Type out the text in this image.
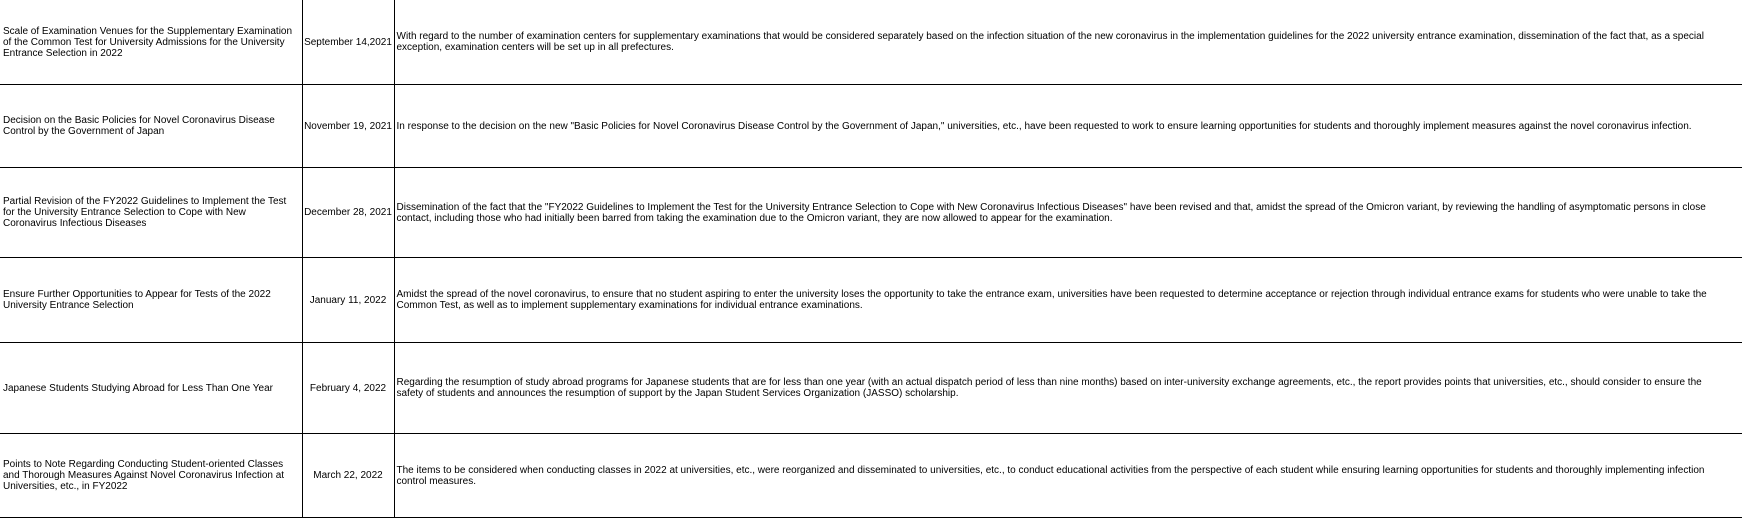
Scale of Examination Venues for the Supplementary Examination of the Common Test for University Admissions for the University Entrance Selection in 2022	September 14,2021	With regard to the number of examination centers for supplementary examinations that would be considered separately based on the infection situation of the new coronavirus in the implementation guidelines for the 2022 university entrance examination, dissemination of the fact that, as a special exception, examination centers will be set up in all prefectures.

Decision on the Basic Policies for Novel Coronavirus Disease Control by the Government of Japan	November 19, 2021	In response to the decision on the new "Basic Policies for Novel Coronavirus Disease Control by the Government of Japan," universities, etc., have been requested to work to ensure learning opportunities for students and thoroughly implement measures against the novel coronavirus infection.

Partial Revision of the FY2022 Guidelines to Implement the Test for the University Entrance Selection to Cope with New Coronavirus Infectious Diseases	December 28, 2021	Dissemination of the fact that the "FY2022 Guidelines to Implement the Test for the University Entrance Selection to Cope with New Coronavirus Infectious Diseases" have been revised and that, amidst the spread of the Omicron variant, by reviewing the handling of asymptomatic persons in close contact, including those who had initially been barred from taking the examination due to the Omicron variant, they are now allowed to appear for the examination.

Ensure Further Opportunities to Appear for Tests of the 2022 University Entrance Selection	January 11, 2022	Amidst the spread of the novel coronavirus, to ensure that no student aspiring to enter the university loses the opportunity to take the entrance exam, universities have been requested to determine acceptance or rejection through individual entrance exams for students who were unable to take the Common Test, as well as to implement supplementary examinations for individual entrance examinations.

Japanese Students Studying Abroad for Less Than One Year	February 4, 2022	Regarding the resumption of study abroad programs for Japanese students that are for less than one year (with an actual dispatch period of less than nine months) based on inter-university exchange agreements, etc., the report provides points that universities, etc., should consider to ensure the safety of students and announces the resumption of support by the Japan Student Services Organization (JASSO) scholarship.

Points to Note Regarding Conducting Student-oriented Classes and Thorough Measures Against Novel Coronavirus Infection at Universities, etc., in FY2022	March 22, 2022	The items to be considered when conducting classes in 2022 at universities, etc., were reorganized and disseminated to universities, etc., to conduct educational activities from the perspective of each student while ensuring learning opportunities for students and thoroughly implementing infection control measures.
